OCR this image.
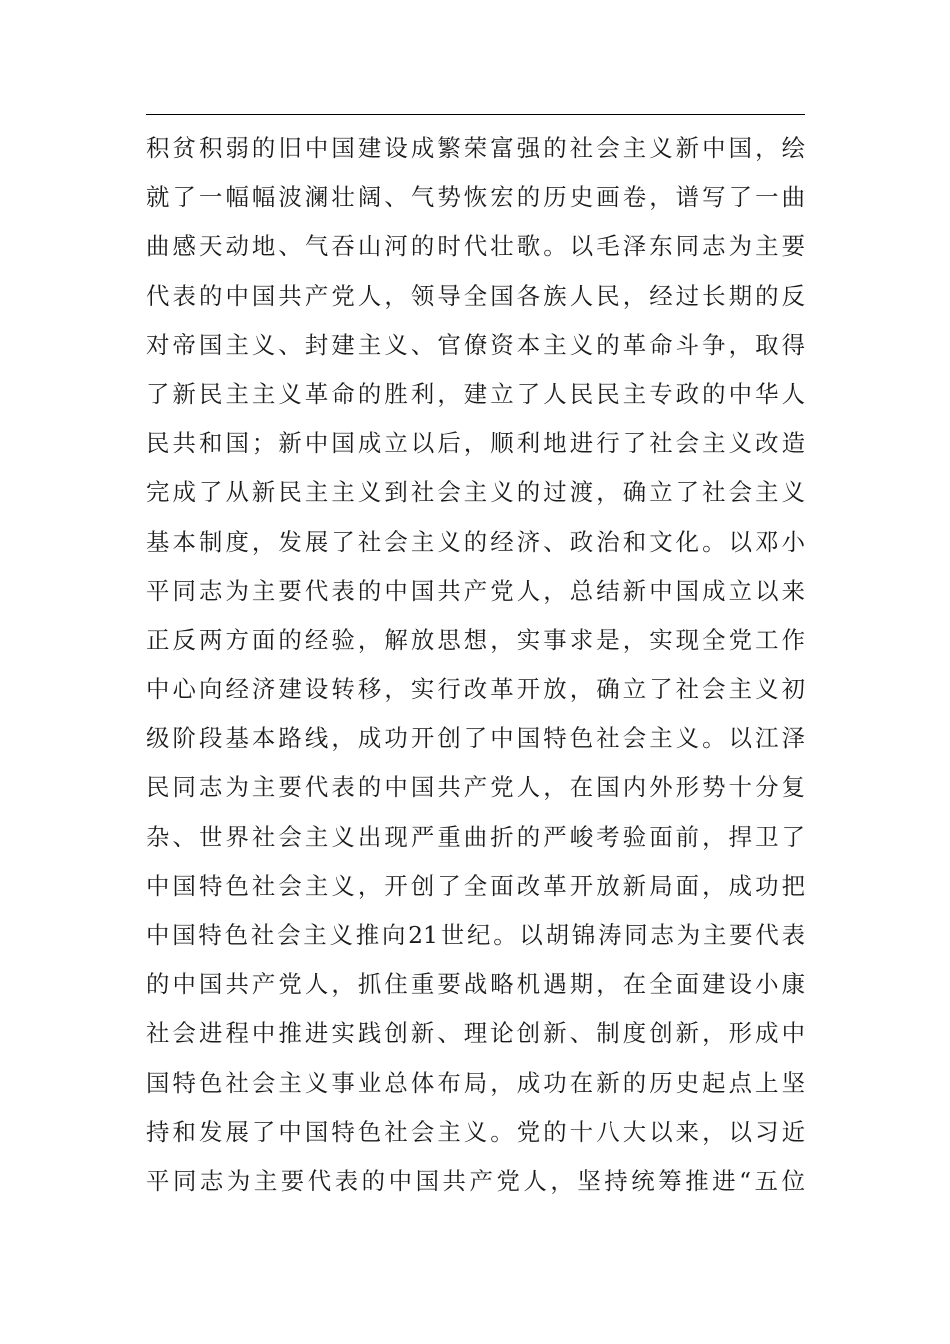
积贫积弱的旧中国建设成繁荣富强的社会主义新中国，绘
就了一幅幅波澜壮阔、气势恢宏的历史画卷，谱写了一曲
曲感天动地、气吞山河的时代壮歌。以毛泽东同志为主要
代表的中国共产党人，领导全国各族人民，经过长期的反
对帝国主义、封建主义、官僚资本主义的革命斗争，取得
了新民主主义革命的胜利，建立了人民民主专政的中华人
民共和国；新中国成立以后，顺利地进行了社会主义改造
完成了从新民主主义到社会主义的过渡，确立了社会主义
基本制度，发展了社会主义的经济、政治和文化。以邓小
平同志为主要代表的中国共产党人，总结新中国成立以来
正反两方面的经验，解放思想，实事求是，实现全党工作
中心向经济建设转移，实行改革开放，确立了社会主义初
级阶段基本路线，成功开创了中国特色社会主义。以江泽
民同志为主要代表的中国共产党人，在国内外形势十分复
杂、世界社会主义出现严重曲折的严峻考验面前，捍卫了
中国特色社会主义，开创了全面改革开放新局面，成功把
中国特色社会主义推向21世纪。以胡锦涛同志为主要代表
的中国共产党人，抓住重要战略机遇期，在全面建设小康
社会进程中推进实践创新、理论创新、制度创新，形成中
国特色社会主义事业总体布局，成功在新的历史起点上坚
持和发展了中国特色社会主义。党的十八大以来，以习近
平同志为主要代表的中国共产党人，坚持统筹推进“五位
